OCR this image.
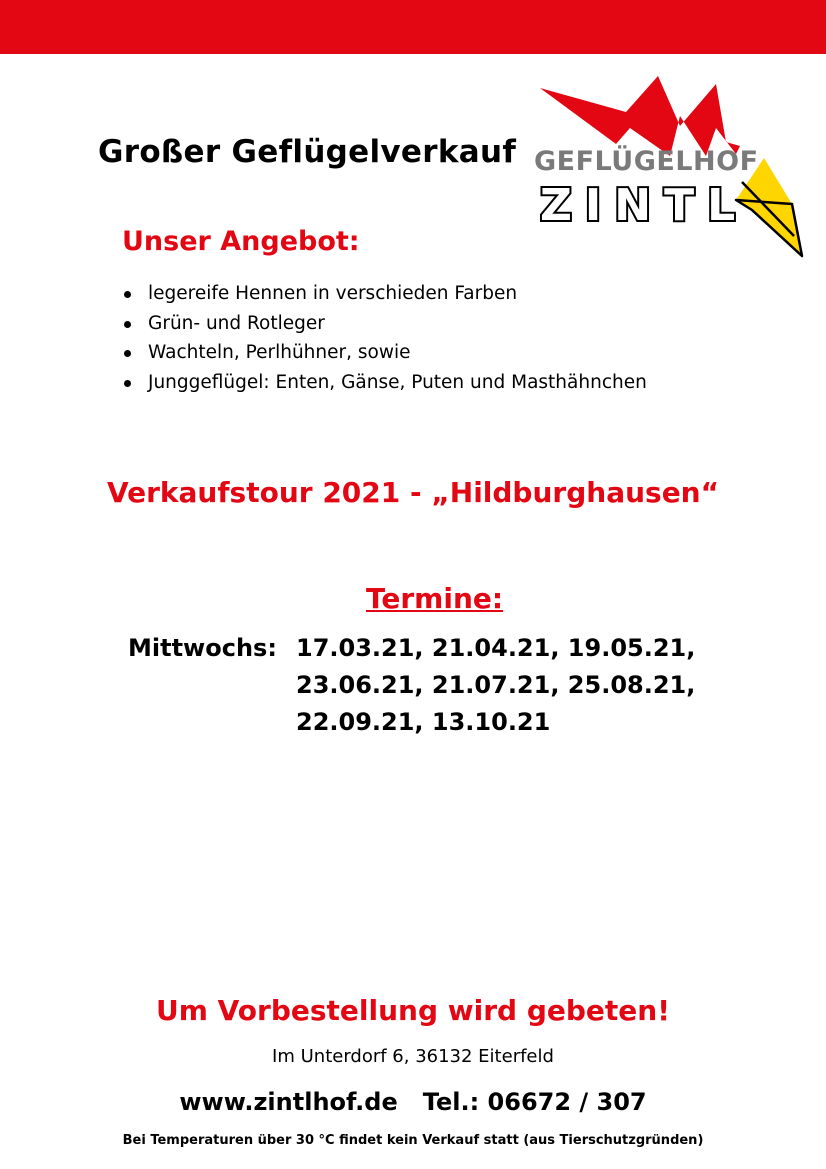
GEFLÜGELHOF
ZINTL
Großer Geflügelverkauf
Unser Angebot:
legereife Hennen in verschieden Farben
Grün- und Rotleger
Wachteln, Perlhühner, sowie
Junggeflügel: Enten, Gänse, Puten und Masthähnchen
Verkaufstour 2021 - „Hildburghausen“
Termine:
Mittwochs: 17.03.21, 21.04.21, 19.05.21,
23.06.21, 21.07.21, 25.08.21,
22.09.21, 13.10.21
Um Vorbestellung wird gebeten!
Im Unterdorf 6, 36132 Eiterfeld
www.zintlhof.de Tel.: 06672 / 307
Bei Temperaturen über 30 °C findet kein Verkauf statt (aus Tierschutzgründen)
